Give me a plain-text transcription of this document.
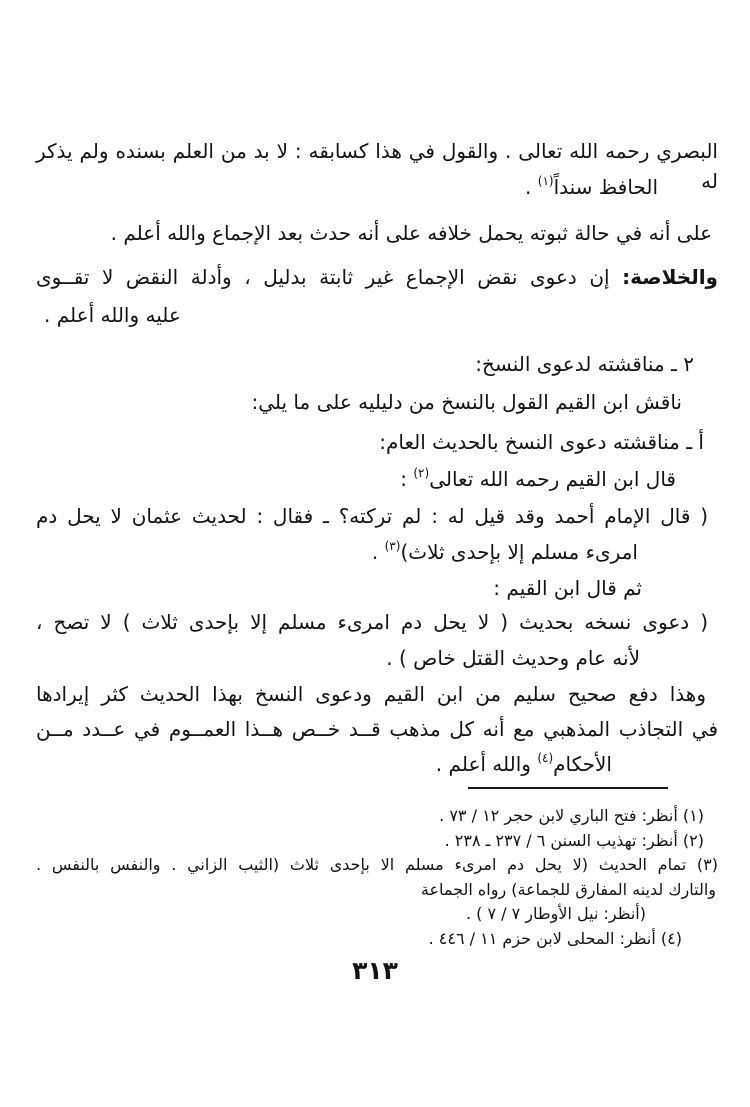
البصري رحمه الله تعالى . والقول في هذا كسابقه : لا بد من العلم بسنده ولم يذكر له
الحافظ سنداً$^{(١)}$ .
على أنه في حالة ثبوته يحمل خلافه على أنه حدث بعد الإجماع والله أعلم .
والخلاصة: إن دعوى نقض الإجماع غير ثابتة بدليل ، وأدلة النقض لا تقــوى
عليه والله أعلم .
٢ ـ مناقشته لدعوى النسخ:
ناقش ابن القيم القول بالنسخ من دليليه على ما يلي:
أ ـ مناقشته دعوى النسخ بالحديث العام:
قال ابن القيم رحمه الله تعالى$^{(٢)}$ :
( قال الإمام أحمد وقد قيل له : لم تركته؟ ـ فقال : لحديث عثمان لا يحل دم
امرىء مسلم إلا بإحدى ثلاث)$^{(٣)}$ .
ثم قال ابن القيم :
( دعوى نسخه بحديث ( لا يحل دم امرىء مسلم إلا بإحدى ثلاث ) لا تصح ،
لأنه عام وحديث القتل خاص ) .
وهذا دفع صحيح سليم من ابن القيم ودعوى النسخ بهذا الحديث كثر إيرادها
في التجاذب المذهبي مع أنه كل مذهب قــد خــص هــذا العمــوم في عــدد مــن
الأحكام$^{(٤)}$ والله أعلم .
(١) أنظر: فتح الباري لابن حجر ١٢ / ٧٣ .
(٢) أنظر: تهذيب السنن ٦ / ٢٣٧ ـ ٢٣٨ .
(٣) تمام الحديث (لا يحل دم امرىء مسلم الا بإحدى ثلاث (الثيب الزاني . والنفس بالنفس .
والتارك لدينه المفارق للجماعة) رواه الجماعة
(أنظر: نيل الأوطار ٧ / ٧ ) .
(٤) أنظر: المحلى لابن حزم ١١ / ٤٤٦ .
٣١٣
